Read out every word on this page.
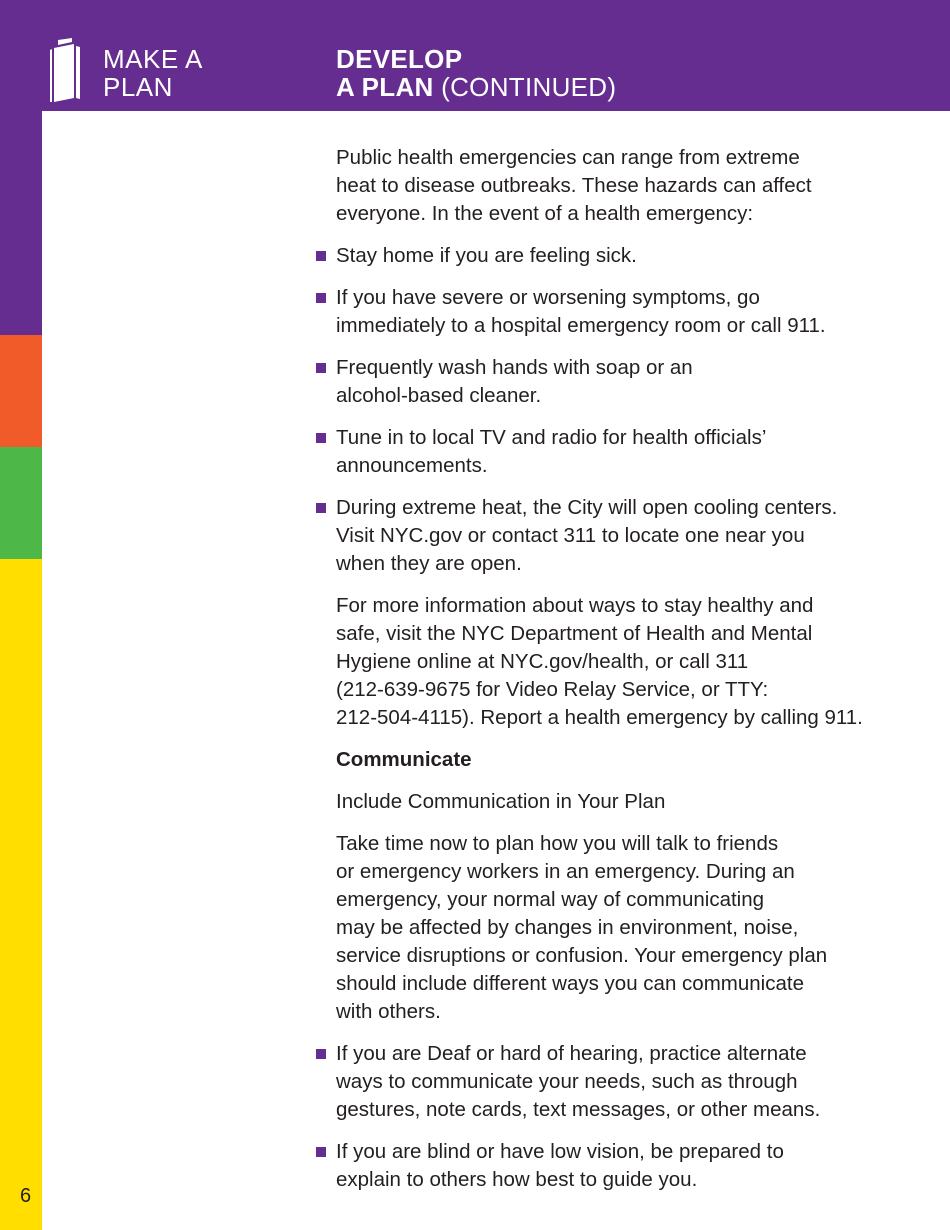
MAKE A
PLAN
DEVELOP
A PLAN (CONTINUED)
6

Public health emergencies can range from extreme
heat to disease outbreaks. These hazards can affect
everyone. In the event of a health emergency:

Stay home if you are feeling sick.
If you have severe or worsening symptoms, go
immediately to a hospital emergency room or call 911.
Frequently wash hands with soap or an
alcohol-based cleaner.
Tune in to local TV and radio for health officials’
announcements.
During extreme heat, the City will open cooling centers.
Visit NYC.gov or contact 311 to locate one near you
when they are open.

For more information about ways to stay healthy and
safe, visit the NYC Department of Health and Mental
Hygiene online at NYC.gov/health, or call 311
(212-639-9675 for Video Relay Service, or TTY:
212-504-4115). Report a health emergency by calling 911.

Communicate

Include Communication in Your Plan

Take time now to plan how you will talk to friends
or emergency workers in an emergency. During an
emergency, your normal way of communicating
may be affected by changes in environment, noise,
service disruptions or confusion. Your emergency plan
should include different ways you can communicate
with others.

If you are Deaf or hard of hearing, practice alternate
ways to communicate your needs, such as through
gestures, note cards, text messages, or other means.
If you are blind or have low vision, be prepared to
explain to others how best to guide you.
